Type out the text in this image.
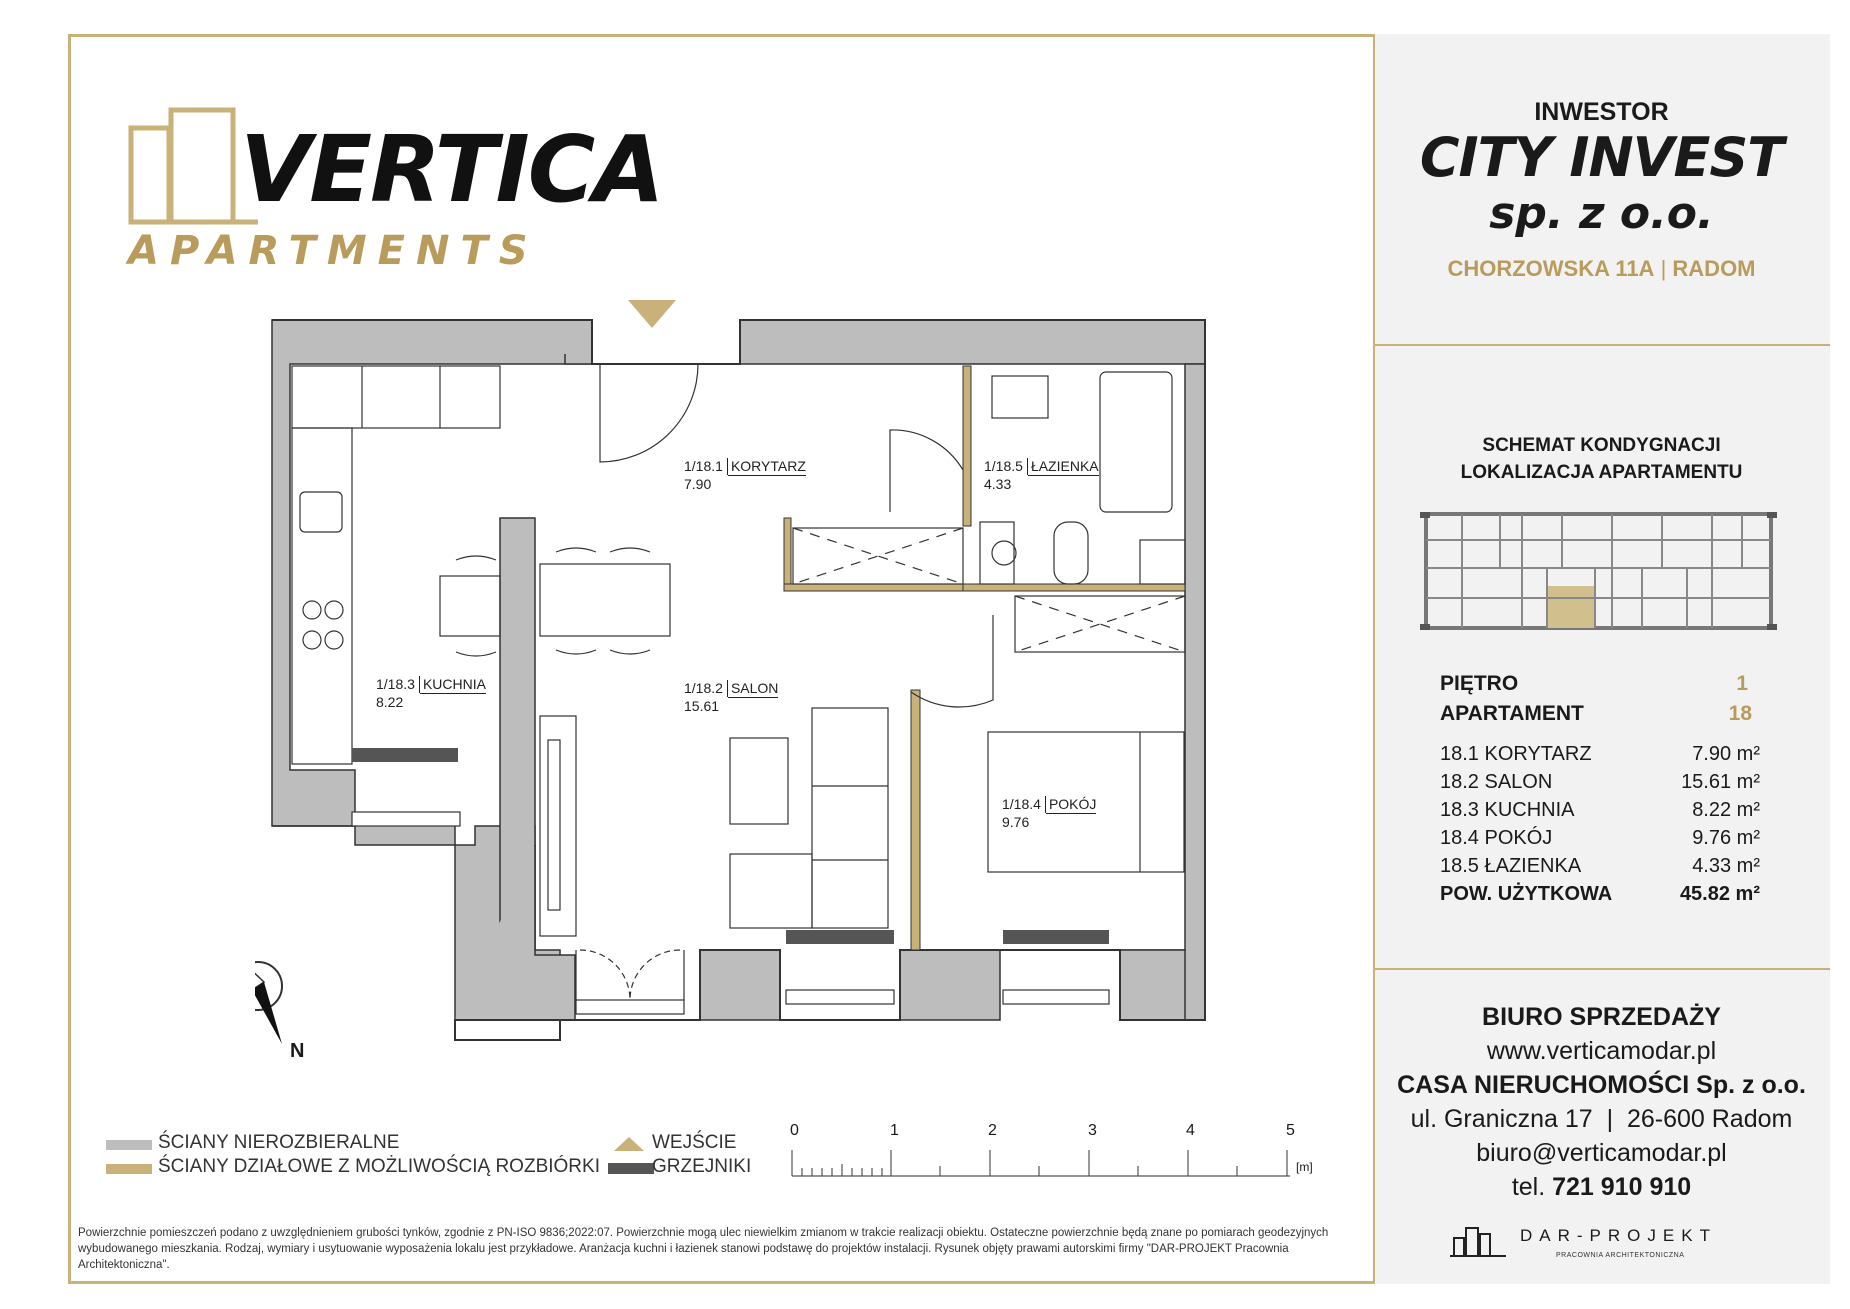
VERTICA
APARTMENTS
INWESTOR
CITY INVEST
sp. z o.o.
CHORZOWSKA 11A | RADOM
SCHEMAT KONDYGNACJI
LOKALIZACJA APARTAMENTU
PIĘTRO	1
APARTAMENT	18
18.1 KORYTARZ	7.90 m²
18.2 SALON	15.61 m²
18.3 KUCHNIA	8.22 m²
18.4 POKÓJ	9.76 m²
18.5 ŁAZIENKA	4.33 m²
POW. UŻYTKOWA	45.82 m²
BIURO SPRZEDAŻY
www.verticamodar.pl
CASA NIERUCHOMOŚCI Sp. z o.o.
ul. Graniczna 17  |  26-600 Radom
biuro@verticamodar.pl
tel. 721 910 910
DAR-PROJEKT
PRACOWNIA ARCHITEKTONICZNA
1/18.1 KORYTARZ
7.90
1/18.5 ŁAZIENKA
4.33
1/18.3 KUCHNIA
8.22
1/18.2 SALON
15.61
1/18.4 POKÓJ
9.76
N
ŚCIANY NIEROZBIERALNE
ŚCIANY DZIAŁOWE Z MOŻLIWOŚCIĄ ROZBIÓRKI
WEJŚCIE
GRZEJNIKI
0	1	2	3	4	5
[m]
Powierzchnie pomieszczeń podano z uwzględnieniem grubości tynków, zgodnie z PN-ISO 9836;2022:07. Powierzchnie mogą ulec niewielkim zmianom w trakcie realizacji obiektu. Ostateczne powierzchnie będą znane po pomiarach geodezyjnych wybudowanego mieszkania. Rodzaj, wymiary i usytuowanie wyposażenia lokalu jest przykładowe. Aranżacja kuchni i łazienek stanowi podstawę do projektów instalacji. Rysunek objęty prawami autorskimi firmy "DAR-PROJEKT Pracownia Architektoniczna".
